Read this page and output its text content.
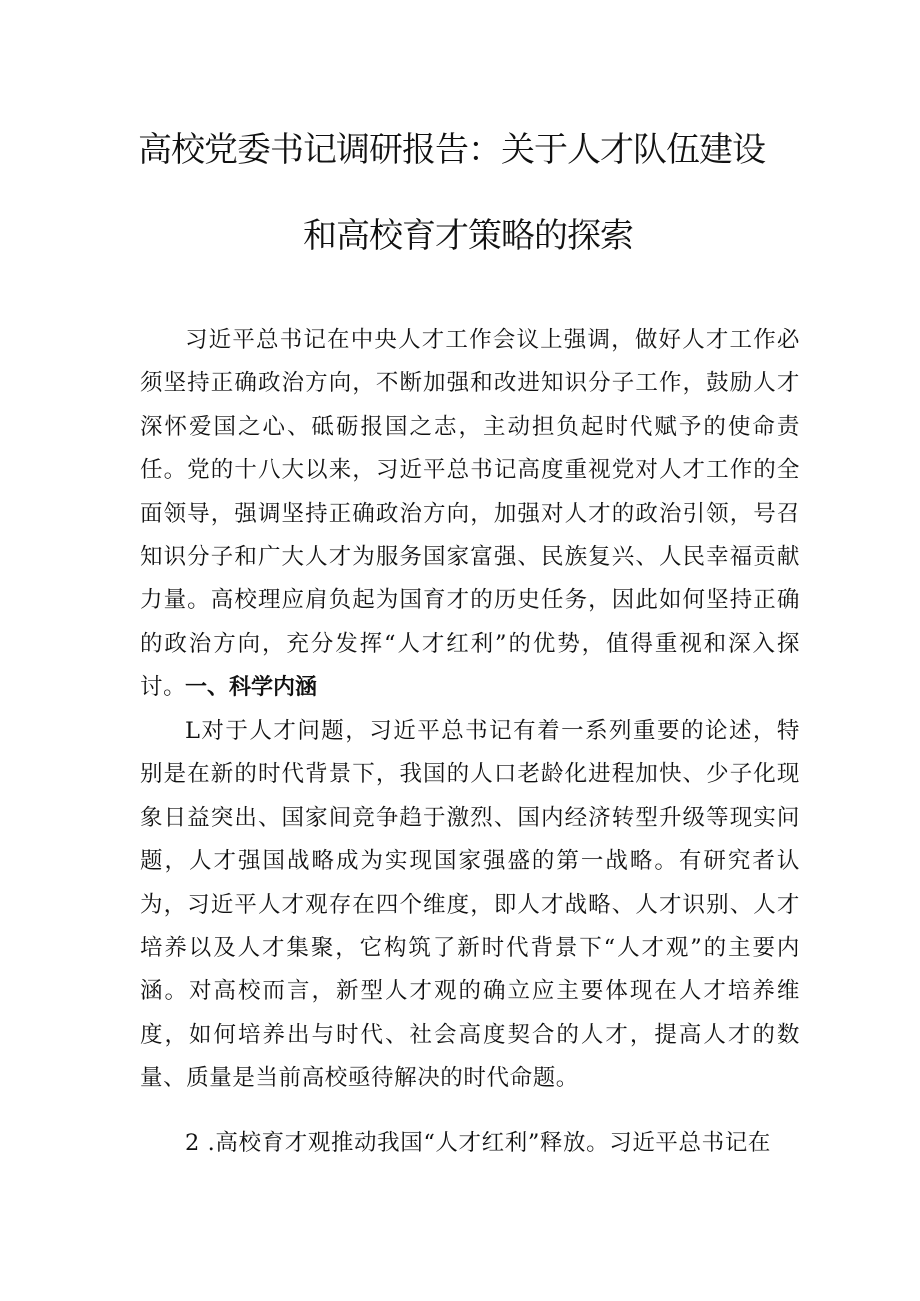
高校党委书记调研报告：关于人才队伍建设
和高校育才策略的探索

习近平总书记在中央人才工作会议上强调，做好人才工作必须坚持正确政治方向，不断加强和改进知识分子工作，鼓励人才深怀爱国之心、砥砺报国之志，主动担负起时代赋予的使命责任。党的十八大以来，习近平总书记高度重视党对人才工作的全面领导，强调坚持正确政治方向，加强对人才的政治引领，号召知识分子和广大人才为服务国家富强、民族复兴、人民幸福贡献力量。高校理应肩负起为国育才的历史任务，因此如何坚持正确的政治方向，充分发挥“人才红利”的优势，值得重视和深入探讨。

一、科学内涵

L对于人才问题，习近平总书记有着一系列重要的论述，特别是在新的时代背景下，我国的人口老龄化进程加快、少子化现象日益突出、国家间竞争趋于激烈、国内经济转型升级等现实问题，人才强国战略成为实现国家强盛的第一战略。有研究者认为，习近平人才观存在四个维度，即人才战略、人才识别、人才培养以及人才集聚，它构筑了新时代背景下“人才观”的主要内涵。对高校而言，新型人才观的确立应主要体现在人才培养维度，如何培养出与时代、社会高度契合的人才，提高人才的数量、质量是当前高校亟待解决的时代命题。

2 .高校育才观推动我国“人才红利”释放。习近平总书记在
